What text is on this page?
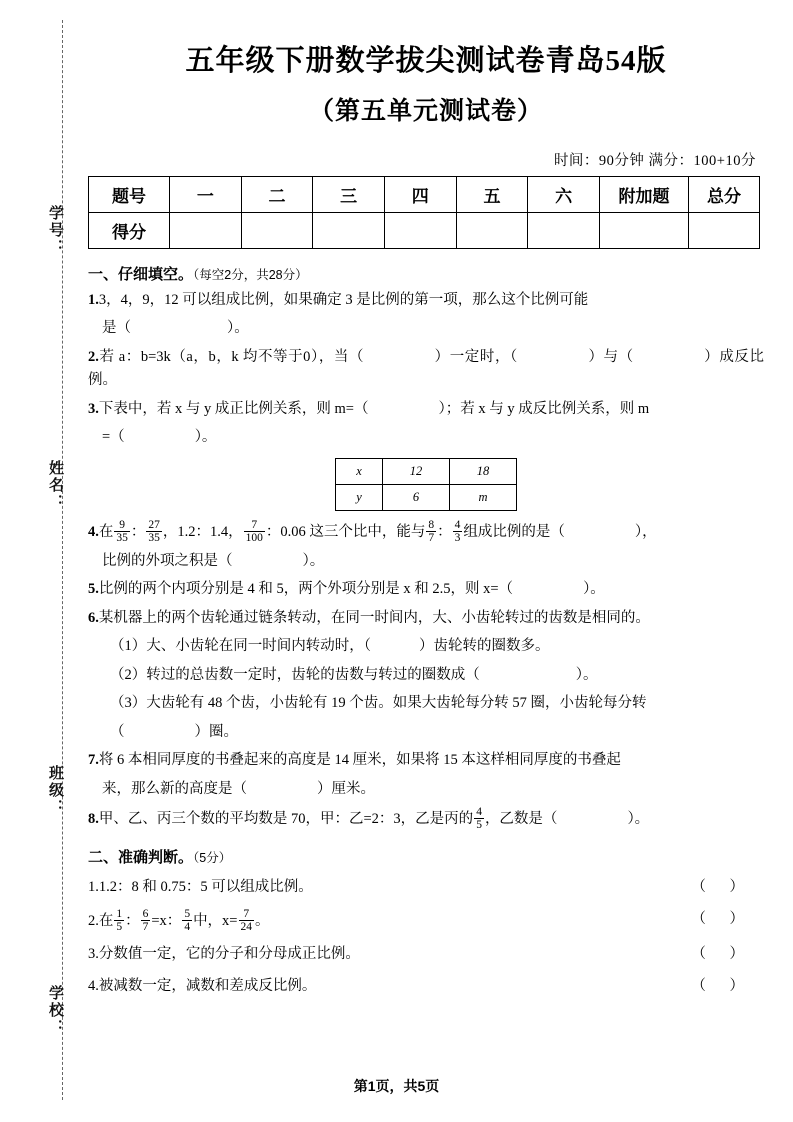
学号：
姓名：
班级：
学校：
五年级下册数学拔尖测试卷青岛54版
（第五单元测试卷）
时间：90分钟 满分：100+10分
题号	一	二	三	四	五	六	附加题	总分
得分								
一、仔细填空。（每空2分，共28分）
1.3，4，9，12 可以组成比例，如果确定 3 是比例的第一项，那么这个比例可能
是（	）。
2.若 a：b=3k（a，b，k 均不等于0），当（	）一定时，（	）与（	）成反比例。
3.下表中，若 x 与 y 成正比例关系，则 m=（	）；若 x 与 y 成反比例关系，则 m
=（	）。
x	12	18
y	6	m
4.在 $\frac{9}{35}$ ： $\frac{27}{35}$ ，1.2：1.4， $\frac{7}{100}$ ：0.06 这三个比中，能与 $\frac{8}{7}$ ： $\frac{4}{3}$ 组成比例的是（	），
比例的外项之积是（	）。
5.比例的两个内项分别是 4 和 5，两个外项分别是 x 和 2.5，则 x=（	）。
6.某机器上的两个齿轮通过链条转动，在同一时间内，大、小齿轮转过的齿数是相同的。
（1）大、小齿轮在同一时间内转动时，（	）齿轮转的圈数多。
（2）转过的总齿数一定时，齿轮的齿数与转过的圈数成（	）。
（3）大齿轮有 48 个齿，小齿轮有 19 个齿。如果大齿轮每分转 57 圈，小齿轮每分转
（	）圈。
7.将 6 本相同厚度的书叠起来的高度是 14 厘米，如果将 15 本这样相同厚度的书叠起
来，那么新的高度是（	）厘米。
8.甲、乙、丙三个数的平均数是 70，甲：乙=2：3，乙是丙的 $\frac{4}{5}$ ，乙数是（	）。
二、准确判断。（5分）
1.1.2：8 和 0.75：5 可以组成比例。	（ ）
2.在 $\frac{1}{5}$ ： $\frac{6}{7} =x$： $\frac{5}{4}$ 中，$x= \frac{7}{24}$ 。	（ ）
3.分数值一定，它的分子和分母成正比例。	（ ）
4.被减数一定，减数和差成反比例。	（ ）
第1页，共5页
